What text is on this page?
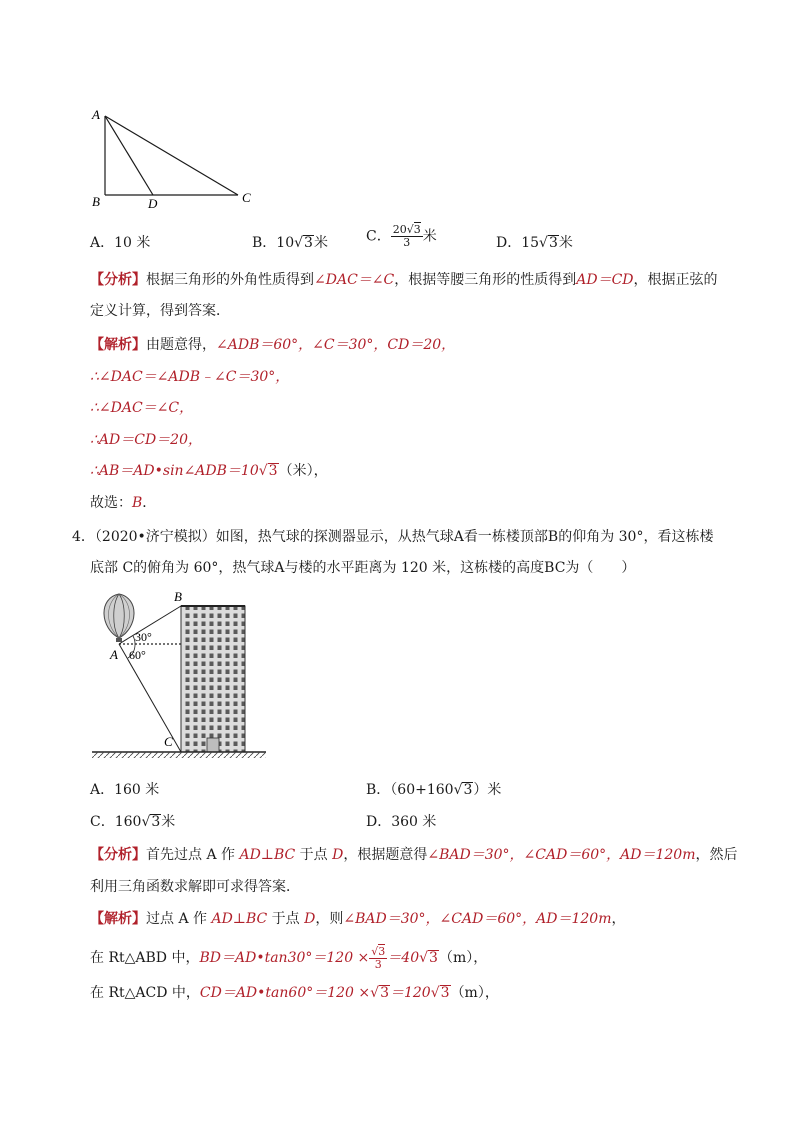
A
B	D	C
A．10 米	B．10√3米	C． $\frac{20√3}{3}$ 米	D．15√3米
【分析】根据三角形的外角性质得到∠DAC＝∠C，根据等腰三角形的性质得到AD＝CD，根据正弦的
定义计算，得到答案．
【解析】由题意得，∠ADB＝60°，∠C＝30°，CD＝20，
∴∠DAC＝∠ADB﹣∠C＝30°，
∴∠DAC＝∠C，
∴AD＝CD＝20，
∴AB＝AD•sin∠ADB＝10√3（米），
故选：B．
4．（2020•济宁模拟）如图，热气球的探测器显示，从热气球A看一栋楼顶部B的仰角为 30°，看这栋楼
底部 C的俯角为 60°，热气球A与楼的水平距离为 120 米，这栋楼的高度BC为（　　）
B
A
C
30°
60°
A．160 米	B．（60+160√3）米
C．160√3米	D．360 米
【分析】首先过点 A 作 AD⊥BC 于点 D，根据题意得∠BAD＝30°，∠CAD＝60°，AD＝120m，然后
利用三角函数求解即可求得答案．
【解析】过点 A 作 AD⊥BC 于点 D，则∠BAD＝30°，∠CAD＝60°，AD＝120m，
在 Rt△ABD 中，BD＝AD•tan30°＝120 × $\frac{√3}{3} =40√3(m)$，
在 Rt△ACD 中，CD＝AD•tan60°＝120 ×√3＝120√3（m），
